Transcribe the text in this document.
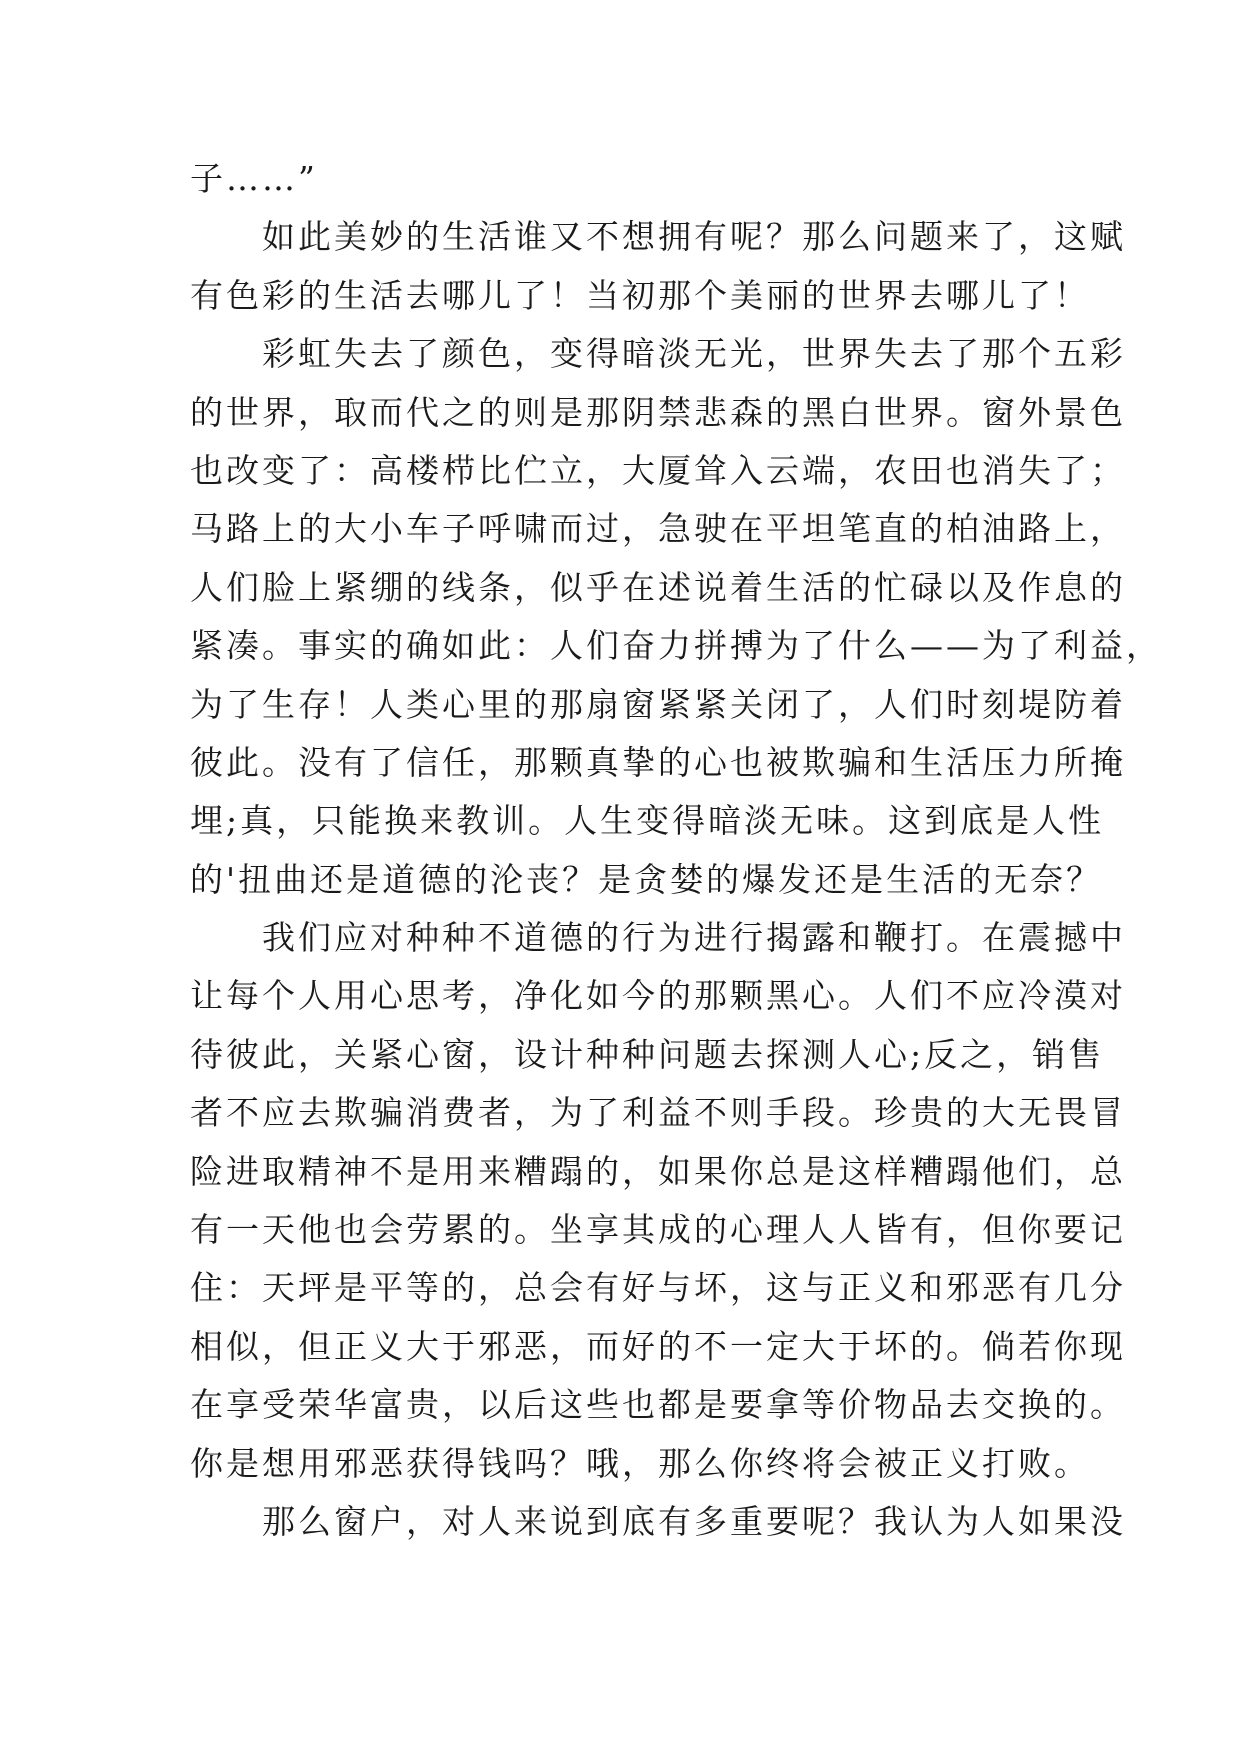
子……”
　　如此美妙的生活谁又不想拥有呢？那么问题来了，这赋
有色彩的生活去哪儿了！当初那个美丽的世界去哪儿了！
　　彩虹失去了颜色，变得暗淡无光，世界失去了那个五彩
的世界，取而代之的则是那阴禁悲森的黑白世界。窗外景色
也改变了：高楼栉比伫立，大厦耸入云端，农田也消失了；
马路上的大小车子呼啸而过，急驶在平坦笔直的柏油路上，
人们脸上紧绷的线条，似乎在述说着生活的忙碌以及作息的
紧凑。事实的确如此：人们奋力拼搏为了什么——为了利益，
为了生存！人类心里的那扇窗紧紧关闭了，人们时刻堤防着
彼此。没有了信任，那颗真挚的心也被欺骗和生活压力所掩
埋;真，只能换来教训。人生变得暗淡无味。这到底是人性
的'扭曲还是道德的沦丧？是贪婪的爆发还是生活的无奈？
　　我们应对种种不道德的行为进行揭露和鞭打。在震撼中
让每个人用心思考，净化如今的那颗黑心。人们不应冷漠对
待彼此，关紧心窗，设计种种问题去探测人心;反之，销售
者不应去欺骗消费者，为了利益不则手段。珍贵的大无畏冒
险进取精神不是用来糟蹋的，如果你总是这样糟蹋他们，总
有一天他也会劳累的。坐享其成的心理人人皆有，但你要记
住：天坪是平等的，总会有好与坏，这与正义和邪恶有几分
相似，但正义大于邪恶，而好的不一定大于坏的。倘若你现
在享受荣华富贵，以后这些也都是要拿等价物品去交换的。
你是想用邪恶获得钱吗？哦，那么你终将会被正义打败。
　　那么窗户，对人来说到底有多重要呢？我认为人如果没
